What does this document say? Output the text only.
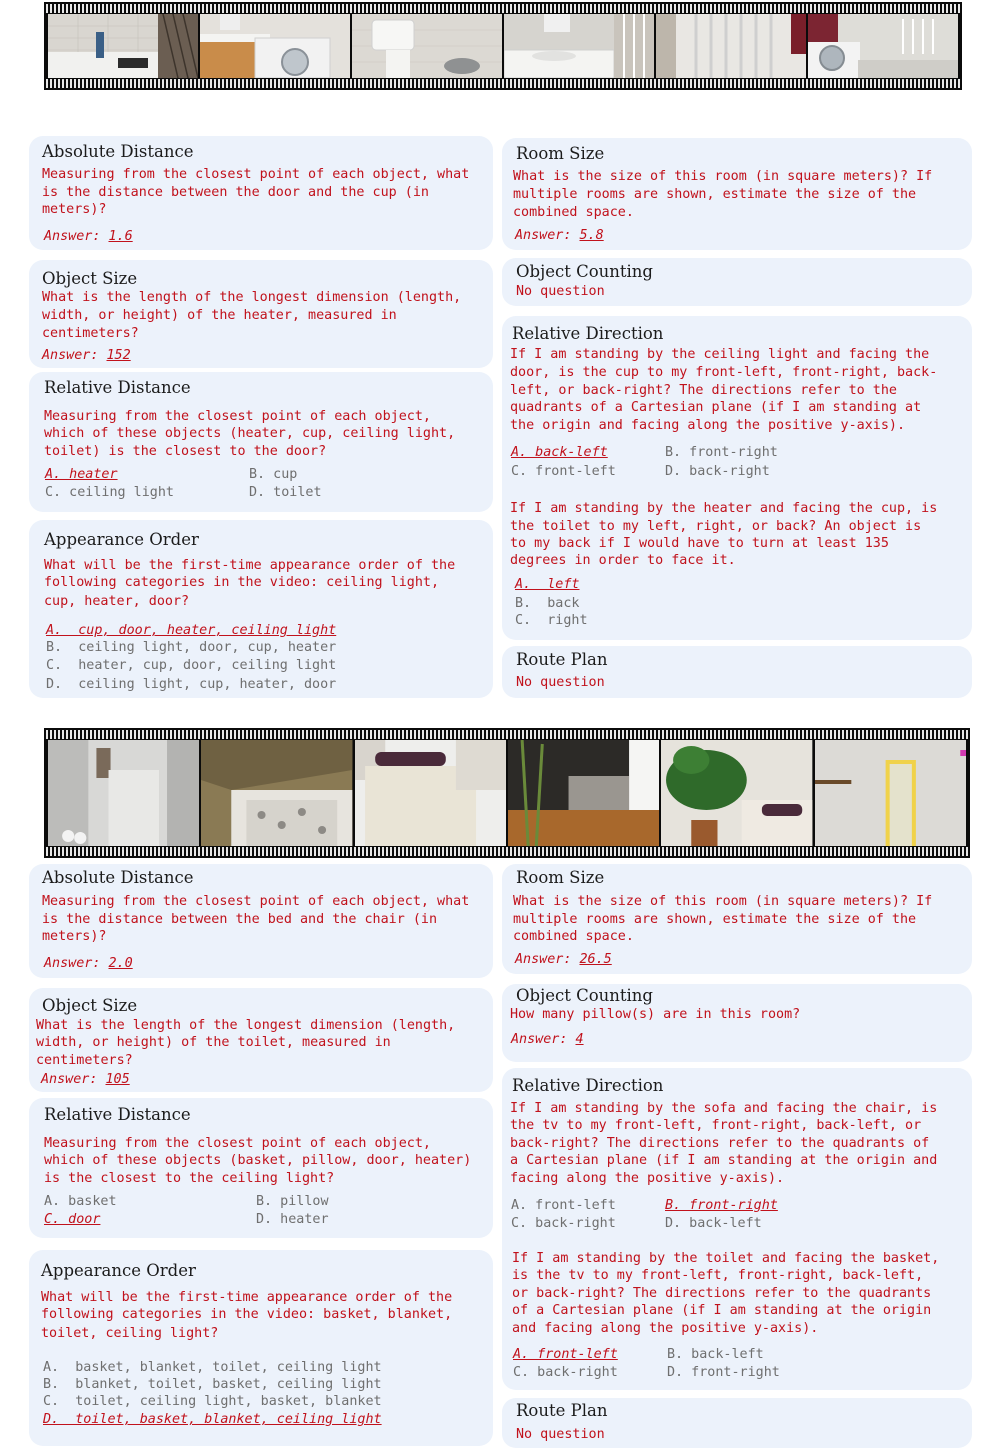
Absolute Distance
Measuring from the closest point of each object, what
is the distance between the door and the cup (in
meters)?
Answer: 1.6
Object Size
What is the length of the longest dimension (length,
width, or height) of the heater, measured in
centimeters?
Answer: 152
Relative Distance
Measuring from the closest point of each object,
which of these objects (heater, cup, ceiling light,
toilet) is the closest to the door?
A. heater	B. cup
C. ceiling light	D. toilet
Appearance Order
What will be the first-time appearance order of the
following categories in the video: ceiling light,
cup, heater, door?
A.  cup, door, heater, ceiling light
B.  ceiling light, door, cup, heater
C.  heater, cup, door, ceiling light
D.  ceiling light, cup, heater, door
Room Size
What is the size of this room (in square meters)? If
multiple rooms are shown, estimate the size of the
combined space.
Answer: 5.8
Object Counting
No question
Relative Direction
If I am standing by the ceiling light and facing the
door, is the cup to my front-left, front-right, back-
left, or back-right? The directions refer to the
quadrants of a Cartesian plane (if I am standing at
the origin and facing along the positive y-axis).
A. back-left	B. front-right
C. front-left	D. back-right
If I am standing by the heater and facing the cup, is
the toilet to my left, right, or back? An object is
to my back if I would have to turn at least 135
degrees in order to face it.
A.  left
B.  back
C.  right
Route Plan
No question
Absolute Distance
Measuring from the closest point of each object, what
is the distance between the bed and the chair (in
meters)?
Answer: 2.0
Object Size
What is the length of the longest dimension (length,
width, or height) of the toilet, measured in
centimeters?
Answer: 105
Relative Distance
Measuring from the closest point of each object,
which of these objects (basket, pillow, door, heater)
is the closest to the ceiling light?
A. basket	B. pillow
C. door	D. heater
Appearance Order
What will be the first-time appearance order of the
following categories in the video: basket, blanket,
toilet, ceiling light?
A.  basket, blanket, toilet, ceiling light
B.  blanket, toilet, basket, ceiling light
C.  toilet, ceiling light, basket, blanket
D.  toilet, basket, blanket, ceiling light
Room Size
What is the size of this room (in square meters)? If
multiple rooms are shown, estimate the size of the
combined space.
Answer: 26.5
Object Counting
How many pillow(s) are in this room?
Answer: 4
Relative Direction
If I am standing by the sofa and facing the chair, is
the tv to my front-left, front-right, back-left, or
back-right? The directions refer to the quadrants of
a Cartesian plane (if I am standing at the origin and
facing along the positive y-axis).
A. front-left	B. front-right
C. back-right	D. back-left
If I am standing by the toilet and facing the basket,
is the tv to my front-left, front-right, back-left,
or back-right? The directions refer to the quadrants
of a Cartesian plane (if I am standing at the origin
and facing along the positive y-axis).
A. front-left	B. back-left
C. back-right	D. front-right
Route Plan
No question
